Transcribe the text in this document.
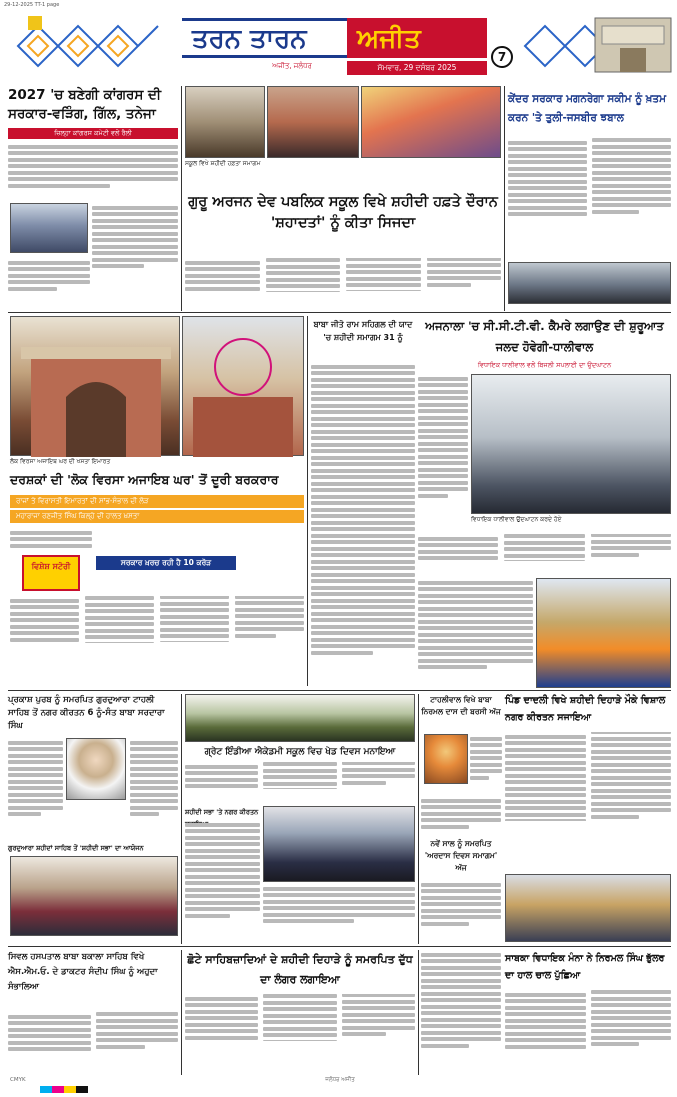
29-12-2025 TT-1 page
ਤਰਨ ਤਾਰਨ	ਅਜੀਤ
ਅਜੀਤ, ਜਲੰਧਰ	ਸੋਮਵਾਰ, 29 ਦਸੰਬਰ 2025
7
2027 'ਚ ਬਣੇਗੀ ਕਾਂਗਰਸ ਦੀ ਸਰਕਾਰ-ਵੜਿੰਗ, ਗਿੱਲ, ਤਨੇਜਾ
ਜ਼ਿਲ੍ਹਾ ਕਾਂਗਰਸ ਕਮੇਟੀ ਵਲੋਂ ਰੈਲੀ
ਸਕੂਲ ਵਿਖੇ ਸ਼ਹੀਦੀ ਹਫ਼ਤਾ ਸਮਾਗਮ
ਗੁਰੂ ਅਰਜਨ ਦੇਵ ਪਬਲਿਕ ਸਕੂਲ ਵਿਖੇ ਸ਼ਹੀਦੀ ਹਫ਼ਤੇ ਦੌਰਾਨ 'ਸ਼ਹਾਦਤਾਂ' ਨੂੰ ਕੀਤਾ ਸਿਜਦਾ
ਕੇਂਦਰ ਸਰਕਾਰ ਮਗਨਰੇਗਾ ਸਕੀਮ ਨੂੰ ਖ਼ਤਮ ਕਰਨ 'ਤੇ ਤੁਲੀ-ਜਸਬੀਰ ਝਬਾਲ
ਲੋਕ ਵਿਰਸਾ ਅਜਾਇਬ ਘਰ ਦੀ ਖਸਤਾ ਇਮਾਰਤ
ਦਰਸ਼ਕਾਂ ਦੀ 'ਲੋਕ ਵਿਰਸਾ ਅਜਾਇਬ ਘਰ' ਤੋਂ ਦੂਰੀ ਬਰਕਰਾਰ
ਰਾਜਾਂ ਤੇ ਵਿਰਾਸਤੀ ਇਮਾਰਤਾਂ ਦੀ ਸਾਂਭ-ਸੰਭਾਲ ਦੀ ਲੋੜ
ਮਹਾਰਾਜਾ ਰਣਜੀਤ ਸਿੰਘ ਕਿਲ੍ਹੇ ਦੀ ਹਾਲਤ ਖ਼ਸਤਾ
ਵਿਸ਼ੇਸ਼ ਸਟੋਰੀ	ਸਰਕਾਰ ਖ਼ਰਚ ਰਹੀ ਹੈ 10 ਕਰੋੜ
ਬਾਬਾ ਜੀਤੋ ਰਾਮ ਸਹਿਗਲ ਦੀ ਯਾਦ 'ਚ ਸ਼ਹੀਦੀ ਸਮਾਗਮ 31 ਨੂੰ
ਅਜਨਾਲਾ 'ਚ ਸੀ.ਸੀ.ਟੀ.ਵੀ. ਕੈਮਰੇ ਲਗਾਉਣ ਦੀ ਸ਼ੁਰੂਆਤ ਜਲਦ ਹੋਵੇਗੀ-ਧਾਲੀਵਾਲ
ਵਿਧਾਇਕ ਧਾਲੀਵਾਲ ਵਲੋਂ ਬਿਜਲੀ ਸਪਲਾਈ ਦਾ ਉਦਘਾਟਨ
ਵਿਧਾਇਕ ਧਾਲੀਵਾਲ ਉਦਘਾਟਨ ਕਰਦੇ ਹੋਏ
ਪ੍ਰਕਾਸ਼ ਪੁਰਬ ਨੂੰ ਸਮਰਪਿਤ ਗੁਰਦੁਆਰਾ ਟਾਹਲੀ ਸਾਹਿਬ ਤੋਂ ਨਗਰ ਕੀਰਤਨ 6 ਨੂੰ-ਸੰਤ ਬਾਬਾ ਸਰਦਾਰਾ ਸਿੰਘ
ਗੁਰਦੁਆਰਾ ਸ਼ਹੀਦਾਂ ਸਾਹਿਬ ਤੋਂ 'ਸ਼ਹੀਦੀ ਸਭਾ' ਦਾ ਆਯੋਜਨ
ਗ੍ਰੇਟ ਇੰਡੀਆ ਐਕੇਡਮੀ ਸਕੂਲ ਵਿਚ ਖੇਡ ਦਿਵਸ ਮਨਾਇਆ
ਸ਼ਹੀਦੀ ਸਭਾ 'ਤੇ ਨਗਰ ਕੀਰਤਨ
ਟਾਹਲੀਵਾਲ ਵਿਖੇ ਬਾਬਾ ਨਿਰਮਲ ਦਾਸ ਦੀ ਬਰਸੀ ਅੱਜ
ਨਵੇਂ ਸਾਲ ਨੂੰ ਸਮਰਪਿਤ 'ਅਰਦਾਸ ਦਿਵਸ ਸਮਾਗਮ' ਅੱਜ
ਪਿੰਡ ਦਾਦਲੀ ਵਿਖੇ ਸ਼ਹੀਦੀ ਦਿਹਾੜੇ ਮੌਕੇ ਵਿਸ਼ਾਲ ਨਗਰ ਕੀਰਤਨ ਸਜਾਇਆ
ਸਿਵਲ ਹਸਪਤਾਲ ਬਾਬਾ ਬਕਾਲਾ ਸਾਹਿਬ ਵਿਖੇ ਐਸ.ਐਮ.ਓ. ਦੇ ਡਾਕਟਰ ਸੰਦੀਪ ਸਿੰਘ ਨੂੰ ਅਹੁਦਾ ਸੰਭਾਲਿਆ
ਛੋਟੇ ਸਾਹਿਬਜ਼ਾਦਿਆਂ ਦੇ ਸ਼ਹੀਦੀ ਦਿਹਾੜੇ ਨੂੰ ਸਮਰਪਿਤ ਦੁੱਧ ਦਾ ਲੰਗਰ ਲਗਾਇਆ
ਸਾਬਕਾ ਵਿਧਾਇਕ ਮੰਨਾ ਨੇ ਨਿਰਮਲ ਸਿੰਘ ਭੁੱਲਰ ਦਾ ਹਾਲ ਚਾਲ ਪੁੱਛਿਆ
CMYK	ਜਲੰਧਰ ਅਜੀਤ
